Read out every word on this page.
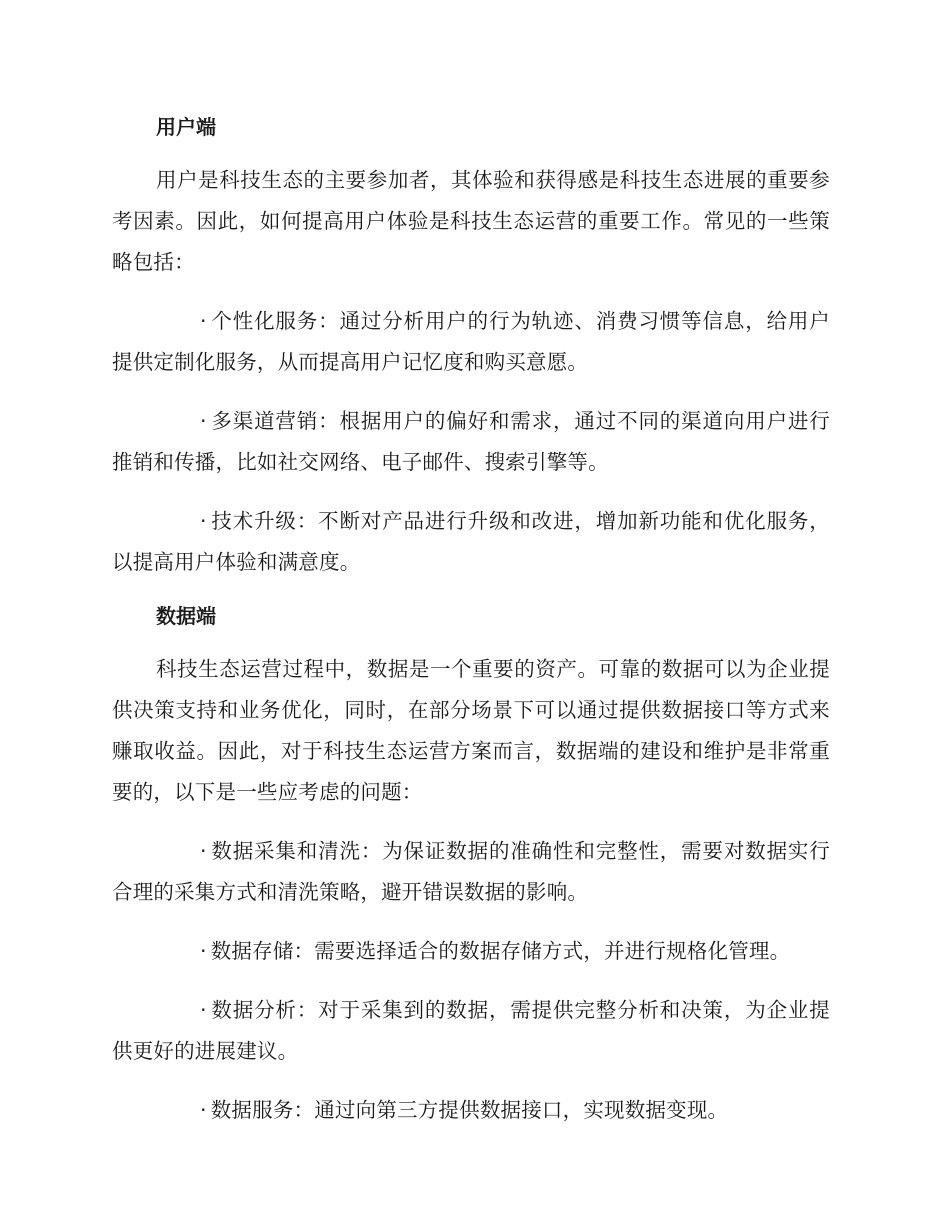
用户端

用户是科技生态的主要参加者，其体验和获得感是科技生态进展的重要参考因素。因此，如何提高用户体验是科技生态运营的重要工作。常见的一些策略包括：

· 个性化服务：通过分析用户的行为轨迹、消费习惯等信息，给用户提供定制化服务，从而提高用户记忆度和购买意愿。

· 多渠道营销：根据用户的偏好和需求，通过不同的渠道向用户进行推销和传播，比如社交网络、电子邮件、搜索引擎等。

· 技术升级：不断对产品进行升级和改进，增加新功能和优化服务，以提高用户体验和满意度。

数据端

科技生态运营过程中，数据是一个重要的资产。可靠的数据可以为企业提供决策支持和业务优化，同时，在部分场景下可以通过提供数据接口等方式来赚取收益。因此，对于科技生态运营方案而言，数据端的建设和维护是非常重要的，以下是一些应考虑的问题：

· 数据采集和清洗：为保证数据的准确性和完整性，需要对数据实行合理的采集方式和清洗策略，避开错误数据的影响。

· 数据存储：需要选择适合的数据存储方式，并进行规格化管理。

· 数据分析：对于采集到的数据，需提供完整分析和决策，为企业提供更好的进展建议。

· 数据服务：通过向第三方提供数据接口，实现数据变现。
